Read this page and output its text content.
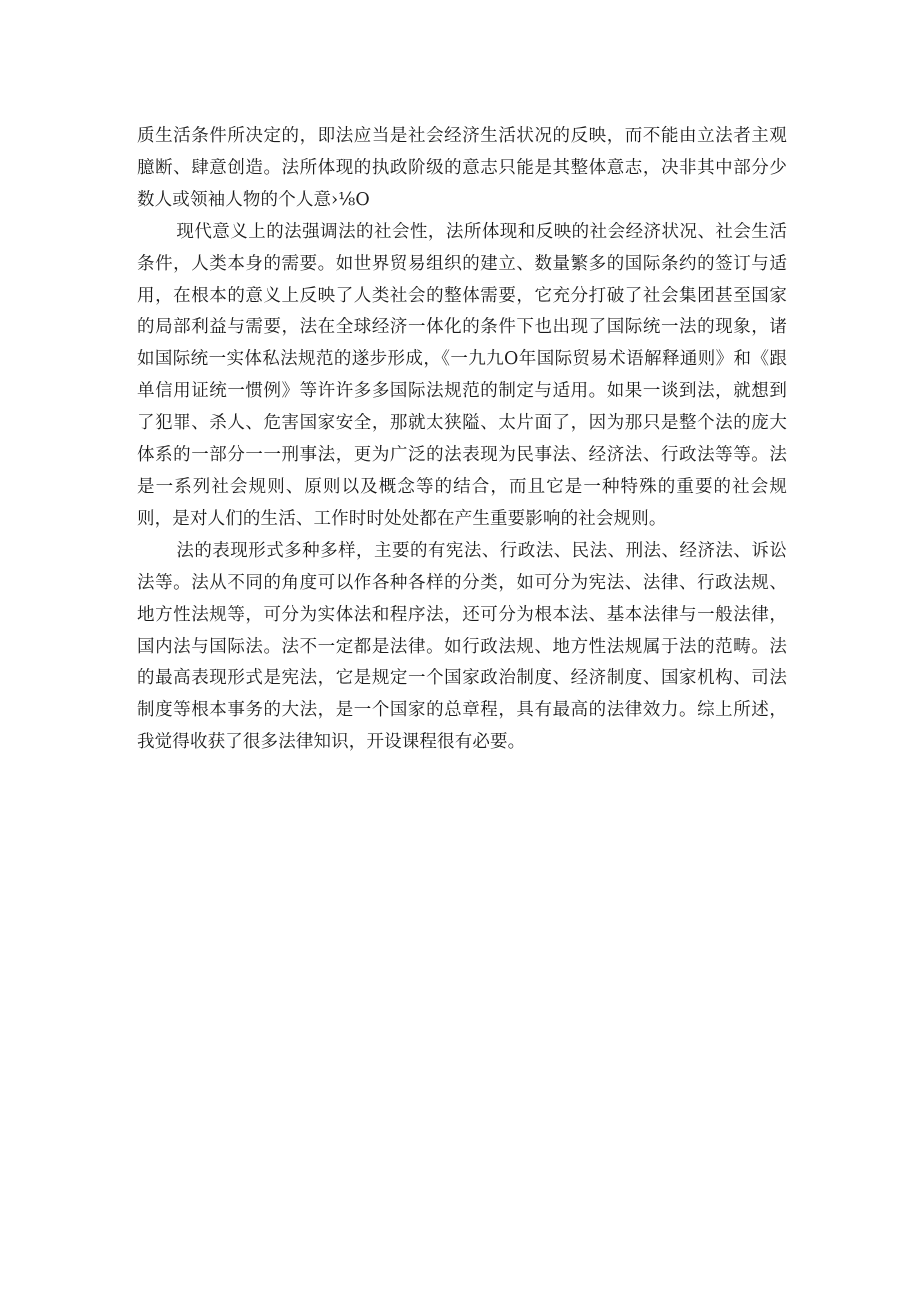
质生活条件所决定的，即法应当是社会经济生活状况的反映，而不能由立法者主观臆断、肆意创造。法所体现的执政阶级的意志只能是其整体意志，决非其中部分少数人或领袖人物的个人意›⅛O

现代意义上的法强调法的社会性，法所体现和反映的社会经济状况、社会生活条件，人类本身的需要。如世界贸易组织的建立、数量繁多的国际条约的签订与适用，在根本的意义上反映了人类社会的整体需要，它充分打破了社会集团甚至国家的局部利益与需要，法在全球经济一体化的条件下也出现了国际统一法的现象，诸如国际统一实体私法规范的遂步形成，《一九九O年国际贸易术语解释通则》和《跟单信用证统一惯例》等许许多多国际法规范的制定与适用。如果一谈到法，就想到了犯罪、杀人、危害国家安全，那就太狭隘、太片面了，因为那只是整个法的庞大体系的一部分一一刑事法，更为广泛的法表现为民事法、经济法、行政法等等。法是一系列社会规则、原则以及概念等的结合，而且它是一种特殊的重要的社会规则，是对人们的生活、工作时时处处都在产生重要影响的社会规则。

法的表现形式多种多样，主要的有宪法、行政法、民法、刑法、经济法、诉讼法等。法从不同的角度可以作各种各样的分类，如可分为宪法、法律、行政法规、地方性法规等，可分为实体法和程序法，还可分为根本法、基本法律与一般法律，国内法与国际法。法不一定都是法律。如行政法规、地方性法规属于法的范畴。法的最高表现形式是宪法，它是规定一个国家政治制度、经济制度、国家机构、司法制度等根本事务的大法，是一个国家的总章程，具有最高的法律效力。综上所述，我觉得收获了很多法律知识，开设课程很有必要。
